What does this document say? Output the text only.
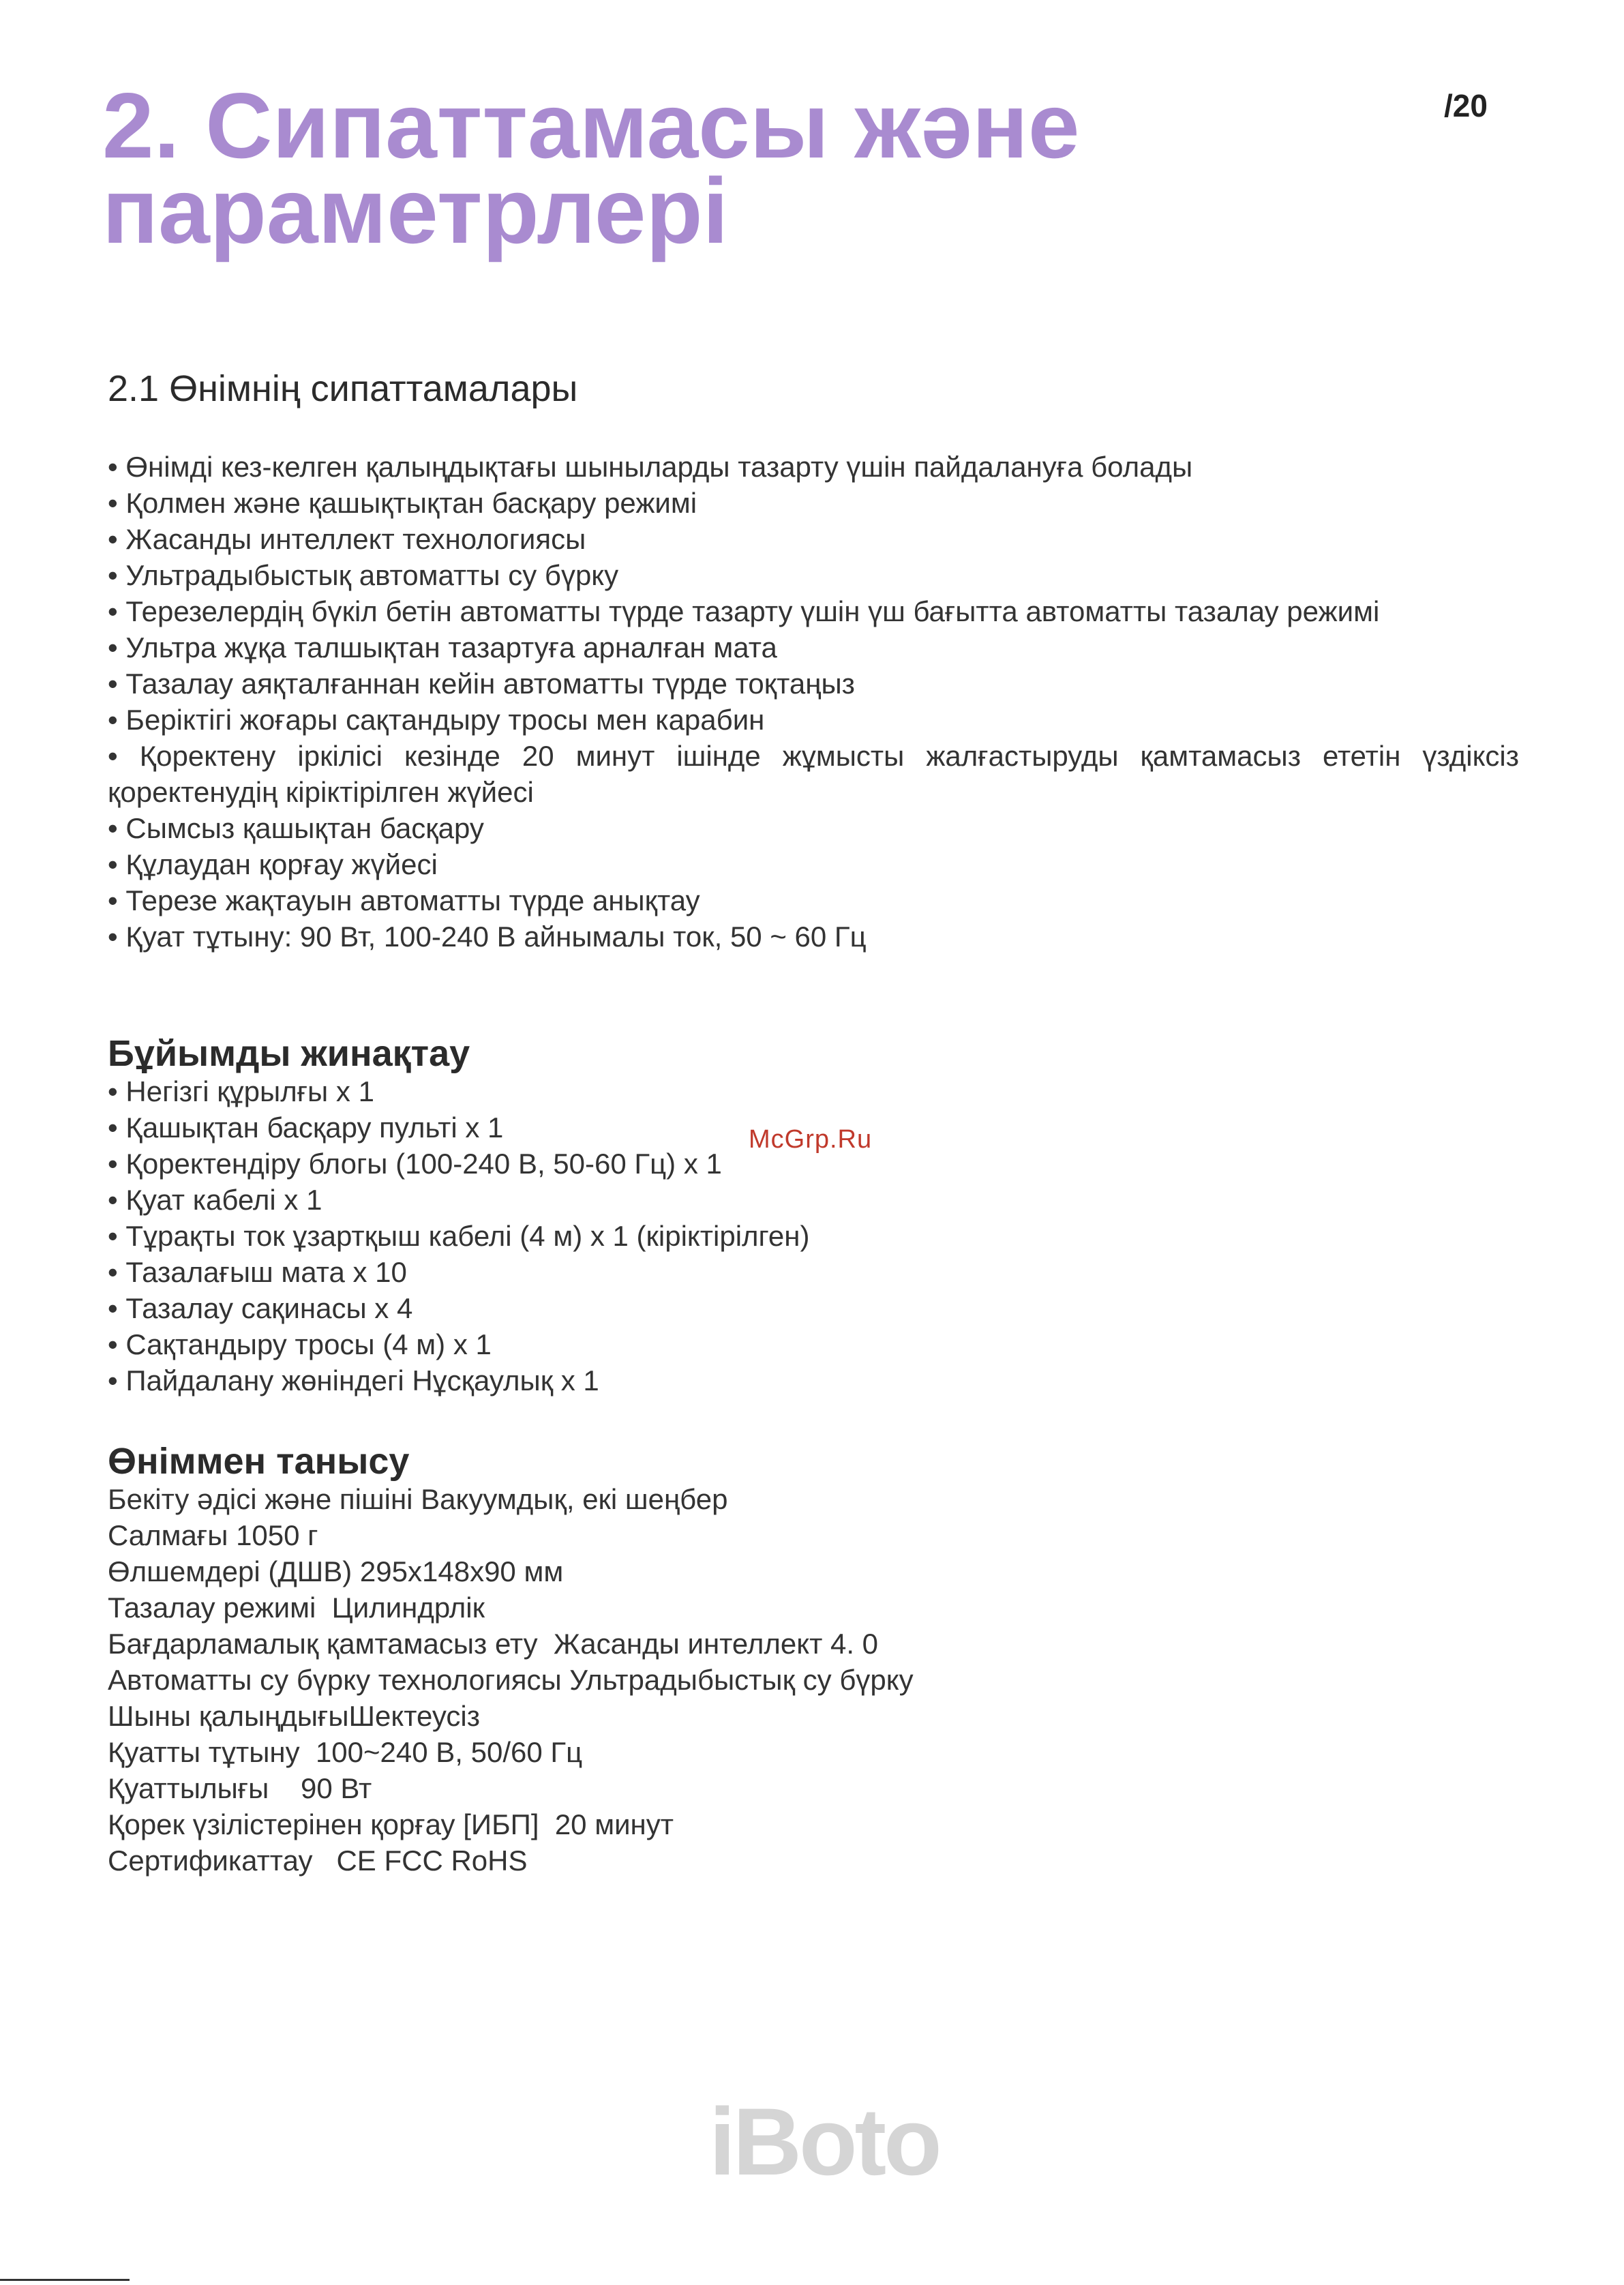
/20
2. Сипаттамасы және
параметрлері
2.1 Өнімнің сипаттамалары
• Өнімді кез-келген қалыңдықтағы шыныларды тазарту үшін пайдалануға болады
• Қолмен және қашықтықтан басқару режимі
• Жасанды интеллект технологиясы
• Ультрадыбыстық автоматты су бүрку
• Терезелердің бүкіл бетін автоматты түрде тазарту үшін үш бағытта автоматты тазалау режимі
• Ультра жұқа талшықтан тазартуға арналған мата
• Тазалау аяқталғаннан кейін автоматты түрде тоқтаңыз
• Беріктігі жоғары сақтандыру тросы мен карабин
• Қоректену іркілісі кезінде 20 минут ішінде жұмысты жалғастыруды қамтамасыз ететін үздіксіз қоректенудің кіріктірілген жүйесі
• Сымсыз қашықтан басқару
• Құлаудан қорғау жүйесі
• Терезе жақтауын автоматты түрде анықтау
• Қуат тұтыну: 90 Вт, 100-240 В айнымалы ток, 50 ~ 60 Гц
Бұйымды жинақтау
• Негізгі құрылғы x 1
• Қашықтан басқару пульті x 1
• Қоректендіру блогы (100-240 В, 50-60 Гц) x 1
• Қуат кабелі x 1
• Тұрақты ток ұзартқыш кабелі (4 м) x 1 (кіріктірілген)
• Тазалағыш мата x 10
• Тазалау сақинасы x 4
• Сақтандыру тросы (4 м) x 1
• Пайдалану жөніндегі Нұсқаулық x 1
Өніммен танысу
Бекіту әдісі және пішіні Вакуумдық, екі шеңбер
Салмағы 1050 г
Өлшемдері (ДШВ) 295x148x90 мм
Тазалау режимі  Цилиндрлік
Бағдарламалық қамтамасыз ету  Жасанды интеллект 4. 0
Автоматты су бүрку технологиясы Ультрадыбыстық су бүрку
Шыны қалыңдығыШектеусіз
Қуатты тұтыну  100~240 В, 50/60 Гц
Қуаттылығы    90 Вт
Қорек үзілістерінен қорғау [ИБП]  20 минут
Сертификаттау   CE FCC RoHS
McGrp.Ru
iBoto
